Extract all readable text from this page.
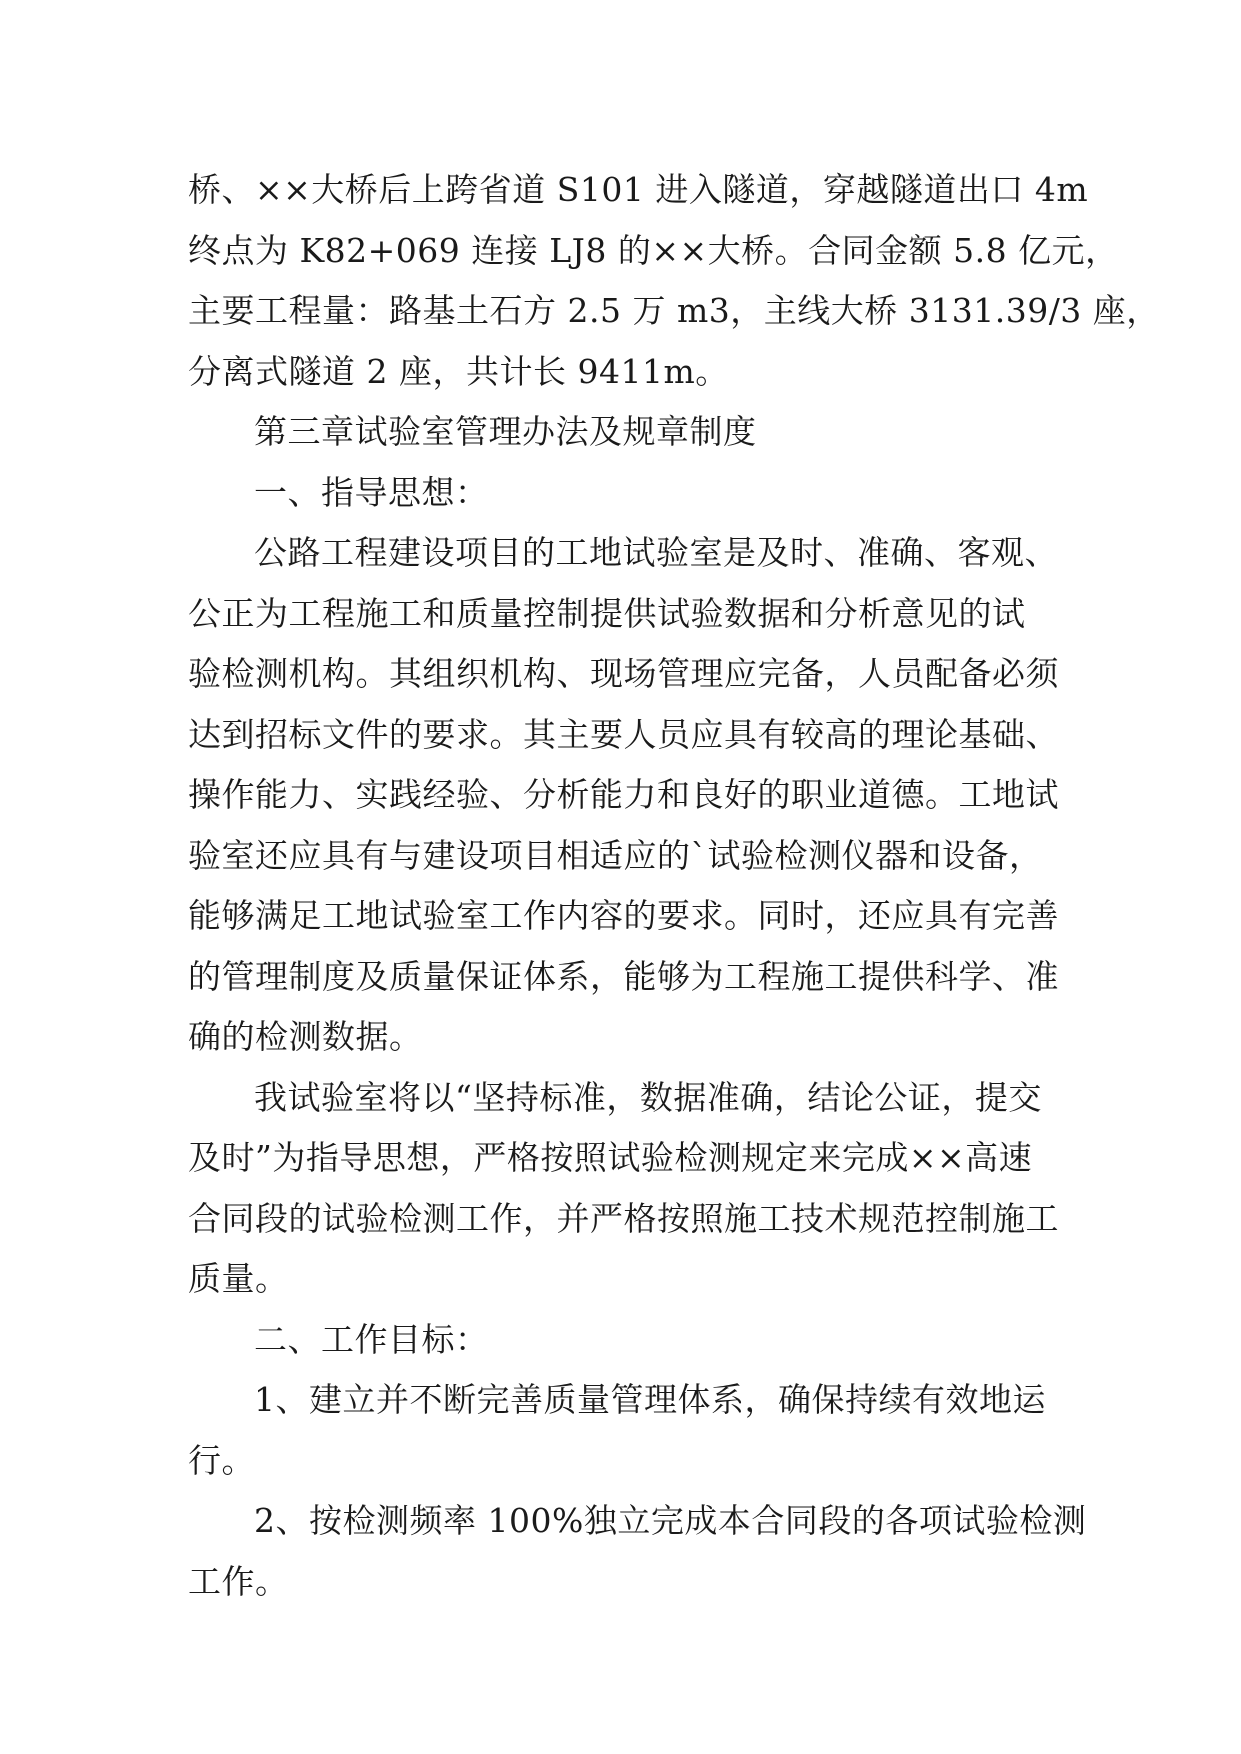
桥、××大桥后上跨省道 S101 进入隧道，穿越隧道出口 4m
终点为 K82+069 连接 LJ8 的××大桥。合同金额 5.8 亿元，
主要工程量：路基土石方 2.5 万 m3，主线大桥 3131.39/3 座，
分离式隧道 2 座，共计长 9411m。
第三章试验室管理办法及规章制度
一、指导思想：
公路工程建设项目的工地试验室是及时、准确、客观、
公正为工程施工和质量控制提供试验数据和分析意见的试
验检测机构。其组织机构、现场管理应完备，人员配备必须
达到招标文件的要求。其主要人员应具有较高的理论基础、
操作能力、实践经验、分析能力和良好的职业道德。工地试
验室还应具有与建设项目相适应的`试验检测仪器和设备，
能够满足工地试验室工作内容的要求。同时，还应具有完善
的管理制度及质量保证体系，能够为工程施工提供科学、准
确的检测数据。
我试验室将以“坚持标准，数据准确，结论公证，提交
及时”为指导思想，严格按照试验检测规定来完成××高速
合同段的试验检测工作，并严格按照施工技术规范控制施工
质量。
二、工作目标：
1、建立并不断完善质量管理体系，确保持续有效地运
行。
2、按检测频率 100%独立完成本合同段的各项试验检测
工作。
